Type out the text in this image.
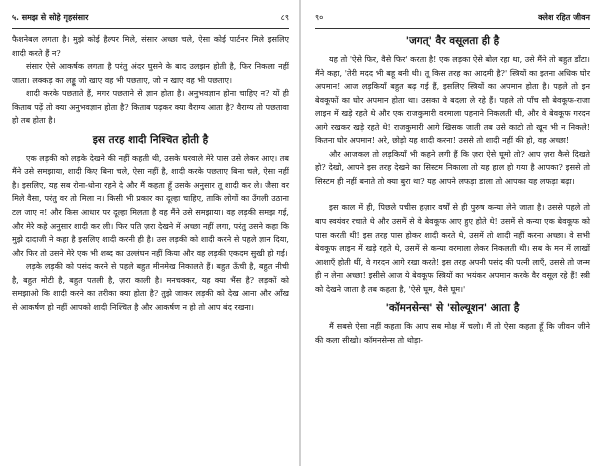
५. समझ से सोहे गृहसंसार	८९

फैशनेबल लगता है। मुझे कोई हैल्पर मिले, संसार अच्छा चले, ऐसा कोई पार्टनर मिले इसलिए शादी करते हैं न?

संसार ऐसे आकर्षक लगता है परंतु अंदर घुसने के बाद उलझन होती है, फिर निकला नहीं जाता। लक्कड़ का लड्डू जो खाए वह भी पछताए, जो न खाए वह भी पछताए।

शादी करके पछताते हैं, मगर पछताने से ज्ञान होता है। अनुभवज्ञान होना चाहिए न? यों ही किताब पढ़ें तो क्या अनुभवज्ञान होता है? किताब पढ़कर क्या वैराग्य आता है? वैराग्य तो पछतावा हो तब होता है।

इस तरह शादी निश्चित होती है

एक लड़की को लड़के देखने की नहीं कहती थी, उसके घरवाले मेरे पास उसे लेकर आए। तब मैंने उसे समझाया, शादी किए बिना चले, ऐसा नहीं है, शादी करके पछताए बिना चले, ऐसा नहीं है। इसलिए, यह सब रोना-धोना रहने दे और मैं कहता हूँ उसके अनुसार तू शादी कर ले। जैसा वर मिले वैसा, परंतु वर तो मिला न। किसी भी प्रकार का दूल्हा चाहिए, ताकि लोगों का उँगली उठाना टल जाए न! और किस आधार पर दूल्हा मिलता है वह मैंने उसे समझाया। वह लड़की समझ गई, और मेरे कहे अनुसार शादी कर ली। फिर पति ज़रा देखने में अच्छा नहीं लगा, परंतु उसने कहा कि मुझे दादाजी ने कहा है इसलिए शादी करनी ही है। उस लड़की को शादी करने से पहले ज्ञान दिया, और फिर तो उसने मेरे एक भी शब्द का उल्लंघन नहीं किया और वह लड़की एकदम सुखी हो गई।

लड़के लड़की को पसंद करने से पहले बहुत मीनमेख निकालते हैं। बहुत ऊँची है, बहुत नीची है, बहुत मोटी है, बहुत पतली है, ज़रा काली है। मनचक्कर, यह क्या भैंस है? लड़कों को समझाओ कि शादी करने का तरीका क्या होता है? तुझे जाकर लड़की को देख आना और आँख से आकर्षण हो नहीं आपको शादी निश्चित है और आकर्षण न हो तो आप बंद रखना।

९०	क्लेश रहित जीवन
'जगत्' वैर वसूलता ही है

यह तो 'ऐसे फिर, वैसे फिर' करता है! एक लड़का ऐसे बोल रहा था, उसे मैंने तो बहुत डाँटा। मैंने कहा, 'तेरी मदद भी बहू बनी थी। तू किस तरह का आदमी है?' स्त्रियों का इतना अधिक घोर अपमान! आज लड़कियाँ बहुत बढ़ गई हैं, इसलिए स्त्रियों का अपमान होता है। पहले तो इन बेवकूफों का घोर अपमान होता था। उसका वे बदला ले रहे हैं। पहले तो पाँच सौ बेवकूफ-राजा लाइन में खड़े रहते थे और एक राजकुमारी वरमाला पहनाने निकलती थी, और वे बेवकूफ गरदन आगे रखकर खड़े रहते थे! राजकुमारी आगे खिसक जाती तब उसे काटो तो खून भी न निकले! कितना घोर अपमान! अरे, छोड़ो यह शादी करना! उससे तो शादी नहीं की हो, वह अच्छा!

और आजकल तो लड़कियाँ भी कहने लगी हैं कि ज़रा ऐसे घूमो तो? आप ज़रा कैसे दिखते हो? देखो, आपने इस तरह देखने का सिस्टम निकाला तो यह हाल हो गया है आपका? इससे तो सिस्टम ही नहीं बनाते तो क्या बुरा था? यह आपने लफड़ा डाला तो आपका यह लफड़ा बढ़ा।

इस काल में ही, पिछले पचीस हज़ार वर्षों से ही पुरुष कन्या लेने जाता है। उससे पहले तो बाप स्वयंवर रचाते थे और उसमें से वे बेवकूफ आए हुए होते थे! उसमें से कन्या एक बेवकूफ को पास करती थी! इस तरह पास होकर शादी करते थे, उसमें तो शादी नहीं करना अच्छा। वे सभी बेवकूफ लाइन में खड़े रहते थे, उसमें से कन्या वरमाला लेकर निकलती थी। सब के मन में लाखों आशाएँ होती थीं, वे गरदन आगे रखा करते! इस तरह अपनी पसंद की पत्नी लाएँ, उससे तो जन्म ही न लेना अच्छा! इसीसे आज ये बेवकूफ स्त्रियों का भयंकर अपमान करके वैर वसूल रहे हैं! स्त्री को देखने जाता है तब कहता है, 'ऐसे घूम, वैसे घूम।'

'कॉमनसेन्स' से 'सोल्यूशन' आता है

मैं सबसे ऐसा नहीं कहता कि आप सब मोक्ष में चलो। मैं तो ऐसा कहता हूँ कि जीवन जीने की कला सीखो। कॉमनसेन्स तो थोड़ा-
